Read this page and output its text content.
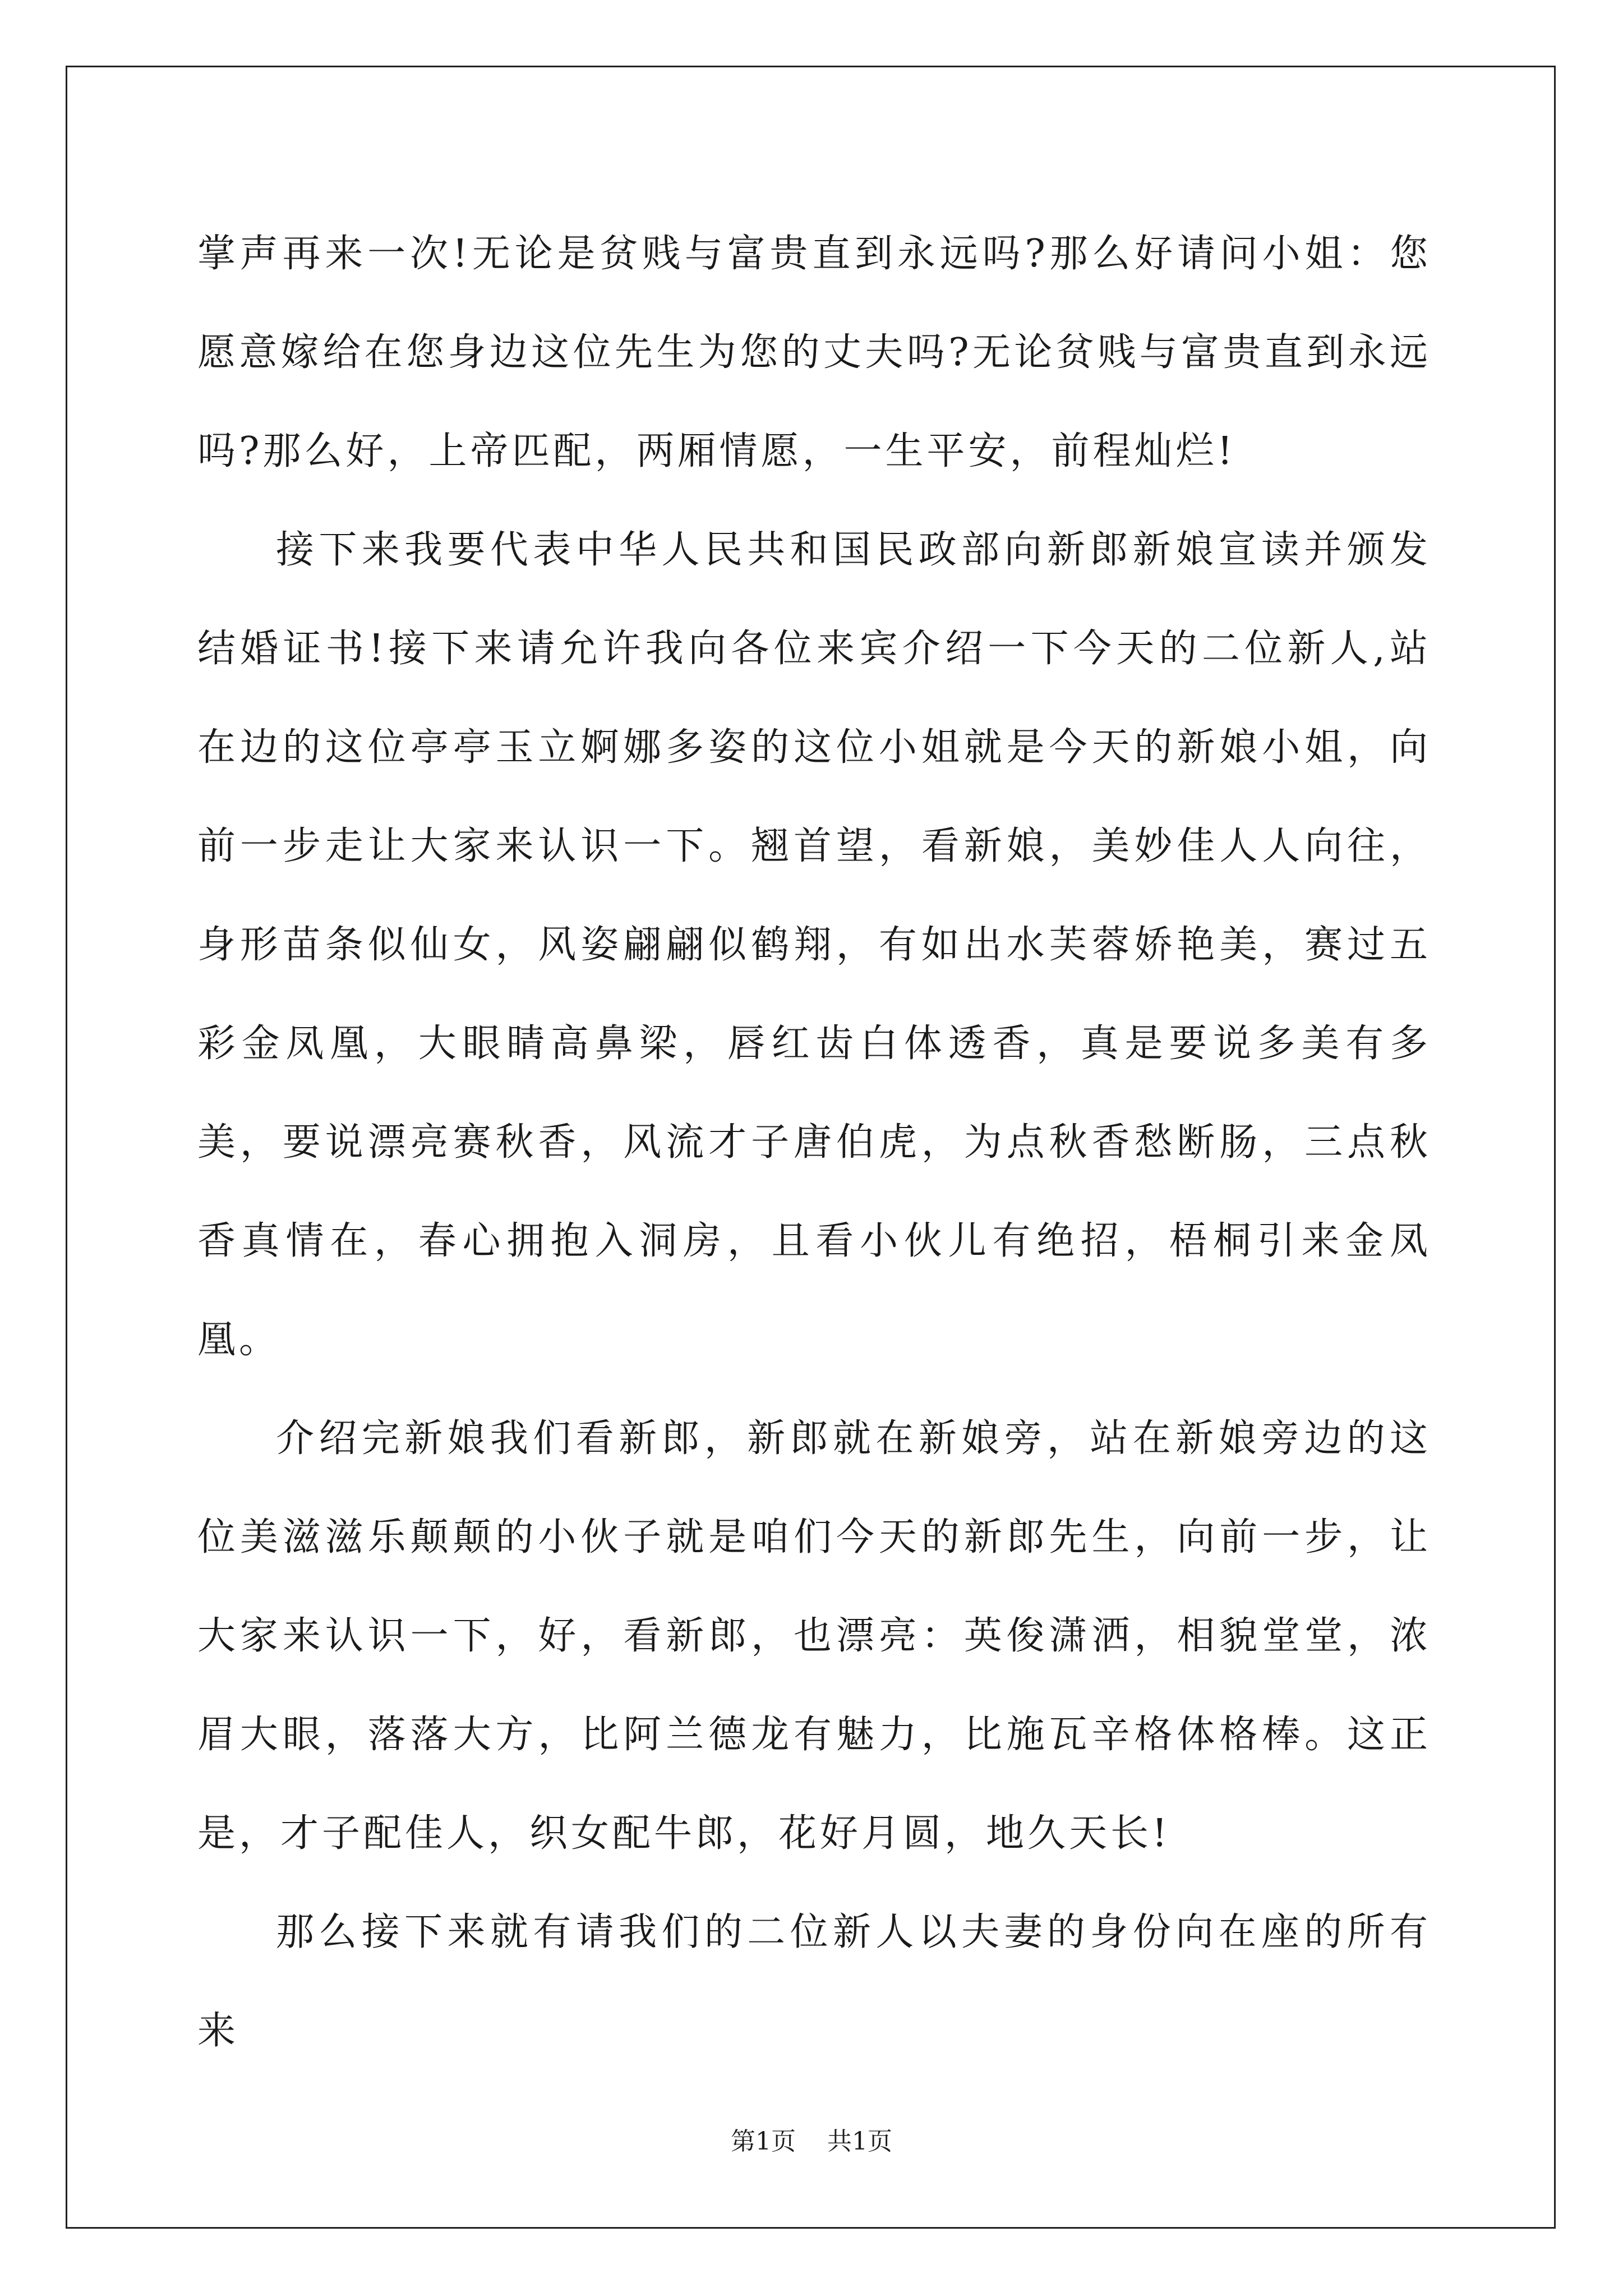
掌声再来一次!无论是贫贱与富贵直到永远吗?那么好请问小姐：您愿意嫁给在您身边这位先生为您的丈夫吗?无论贫贱与富贵直到永远吗?那么好，上帝匹配，两厢情愿，一生平安，前程灿烂!

接下来我要代表中华人民共和国民政部向新郎新娘宣读并颁发结婚证书!接下来请允许我向各位来宾介绍一下今天的二位新人,站在边的这位亭亭玉立婀娜多姿的这位小姐就是今天的新娘小姐，向前一步走让大家来认识一下。翘首望，看新娘，美妙佳人人向往，身形苗条似仙女，风姿翩翩似鹤翔，有如出水芙蓉娇艳美，赛过五彩金凤凰，大眼睛高鼻梁，唇红齿白体透香，真是要说多美有多美，要说漂亮赛秋香，风流才子唐伯虎，为点秋香愁断肠，三点秋香真情在，春心拥抱入洞房，且看小伙儿有绝招，梧桐引来金凤凰。

介绍完新娘我们看新郎，新郎就在新娘旁，站在新娘旁边的这位美滋滋乐颠颠的小伙子就是咱们今天的新郎先生，向前一步，让大家来认识一下，好，看新郎，也漂亮：英俊潇洒，相貌堂堂，浓眉大眼，落落大方，比阿兰德龙有魅力，比施瓦辛格体格棒。这正是，才子配佳人，织女配牛郎，花好月圆，地久天长!

那么接下来就有请我们的二位新人以夫妻的身份向在座的所有来

第1页 共1页
